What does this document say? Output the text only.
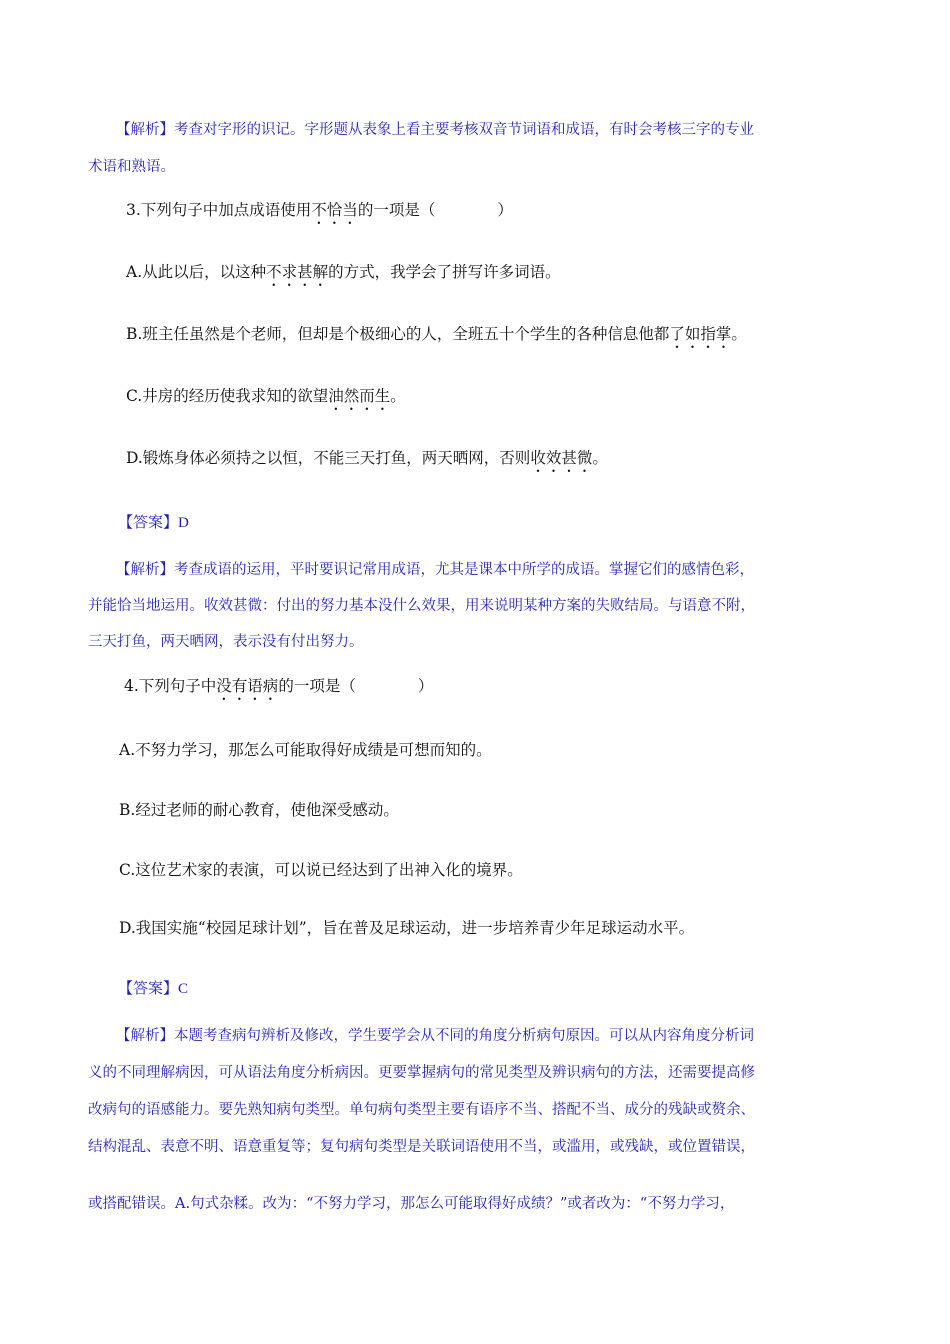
【解析】考查对字形的识记。字形题从表象上看主要考核双音节词语和成语，有时会考核三字的专业
术语和熟语。
3.下列句子中加点成语使用不恰当的一项是（　　　　）
A.从此以后，以这种不求甚解的方式，我学会了拼写许多词语。
B.班主任虽然是个老师，但却是个极细心的人，全班五十个学生的各种信息他都了如指掌。
C.井房的经历使我求知的欲望油然而生。
D.锻炼身体必须持之以恒，不能三天打鱼，两天晒网，否则收效甚微。
【答案】D
【解析】考查成语的运用，平时要识记常用成语，尤其是课本中所学的成语。掌握它们的感情色彩，
并能恰当地运用。收效甚微：付出的努力基本没什么效果，用来说明某种方案的失败结局。与语意不附，
三天打鱼，两天晒网，表示没有付出努力。
4.下列句子中没有语病的一项是（　　　　）
A.不努力学习，那怎么可能取得好成绩是可想而知的。
B.经过老师的耐心教育，使他深受感动。
C.这位艺术家的表演，可以说已经达到了出神入化的境界。
D.我国实施“校园足球计划”，旨在普及足球运动，进一步培养青少年足球运动水平。
【答案】C
【解析】本题考查病句辨析及修改，学生要学会从不同的角度分析病句原因。可以从内容角度分析词
义的不同理解病因，可从语法角度分析病因。更要掌握病句的常见类型及辨识病句的方法，还需要提高修
改病句的语感能力。要先熟知病句类型。单句病句类型主要有语序不当、搭配不当、成分的残缺或赘余、
结构混乱、表意不明、语意重复等；复句病句类型是关联词语使用不当，或滥用，或残缺，或位置错误，
或搭配错误。A.句式杂糅。改为：“不努力学习，那怎么可能取得好成绩？”或者改为：“不努力学习，
